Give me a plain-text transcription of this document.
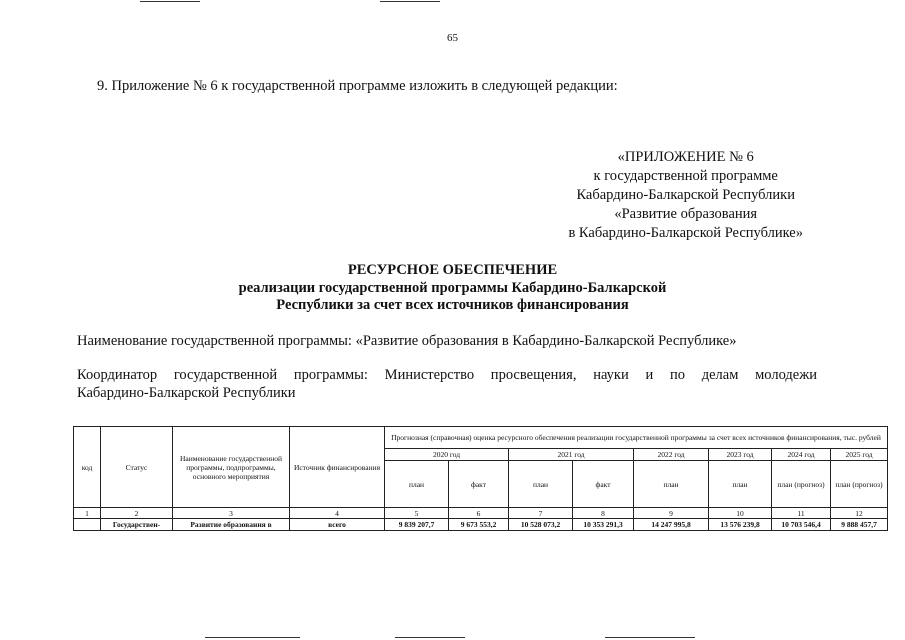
65
9. Приложение № 6 к государственной программе изложить в следующей редакции:
«ПРИЛОЖЕНИЕ № 6
к государственной программе
Кабардино-Балкарской Республики
«Развитие образования
в Кабардино-Балкарской Республике»
РЕСУРСНОЕ ОБЕСПЕЧЕНИЕ
реализации государственной программы Кабардино-Балкарской
Республики за счет всех источников финансирования
Наименование государственной программы: «Развитие образования в Кабардино-Балкарской Республике»
Координатор государственной программы: Министерство просвещения, науки и по делам молодежи
Кабардино-Балкарской Республики
код	Статус	Наименование государственной программы, подпрограммы, основного мероприятия	Источник финансирования	Прогнозная (справочная) оценка ресурсного обеспечения реализации государственной программы за счет всех источников финансирования, тыс. рублей							
				2020 год		2021 год		2022 год	2023 год	2024 год	2025 год
				план	факт	план	факт	план	план	план (прогноз)	план (прогноз)
1	2	3	4	5	6	7	8	9	10	11	12
	Государствен-	Развитие образования в	всего	9 839 207,7	9 673 553,2	10 528 073,2	10 353 291,3	14 247 995,8	13 576 239,8	10 703 546,4	9 888 457,7
